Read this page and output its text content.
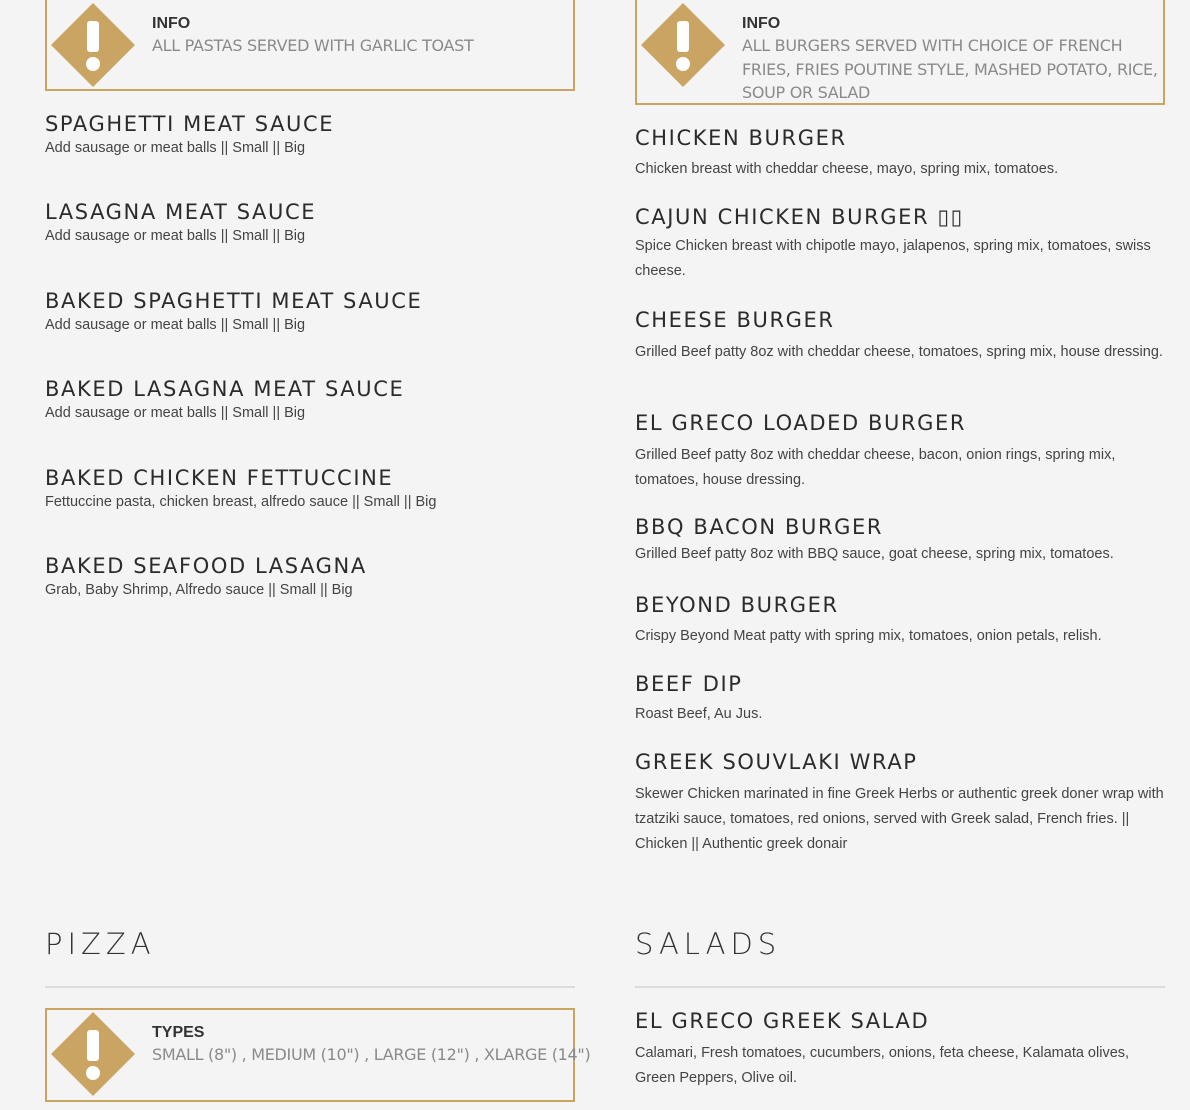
INFO
ALL PASTAS SERVED WITH GARLIC TOAST
SPAGHETTI MEAT SAUCE
Add sausage or meat balls || Small || Big
LASAGNA MEAT SAUCE
Add sausage or meat balls || Small || Big
BAKED SPAGHETTI MEAT SAUCE
Add sausage or meat balls || Small || Big
BAKED LASAGNA MEAT SAUCE
Add sausage or meat balls || Small || Big
BAKED CHICKEN FETTUCCINE
Fettuccine pasta, chicken breast, alfredo sauce || Small || Big
BAKED SEAFOOD LASAGNA
Grab, Baby Shrimp, Alfredo sauce || Small || Big
INFO
ALL BURGERS SERVED WITH CHOICE OF FRENCH FRIES, FRIES POUTINE STYLE, MASHED POTATO, RICE, SOUP OR SALAD
CHICKEN BURGER
Chicken breast with cheddar cheese, mayo, spring mix, tomatoes.
CAJUN CHICKEN BURGER ▯▯
Spice Chicken breast with chipotle mayo, jalapenos, spring mix, tomatoes, swiss cheese.
CHEESE BURGER
Grilled Beef patty 8oz with cheddar cheese, tomatoes, spring mix, house dressing.
EL GRECO LOADED BURGER
Grilled Beef patty 8oz with cheddar cheese, bacon, onion rings, spring mix, tomatoes, house dressing.
BBQ BACON BURGER
Grilled Beef patty 8oz with BBQ sauce, goat cheese, spring mix, tomatoes.
BEYOND BURGER
Crispy Beyond Meat patty with spring mix, tomatoes, onion petals, relish.
BEEF DIP
Roast Beef, Au Jus.
GREEK SOUVLAKI WRAP
Skewer Chicken marinated in fine Greek Herbs or authentic greek doner wrap with tzatziki sauce, tomatoes, red onions, served with Greek salad, French fries. || Chicken || Authentic greek donair
PIZZA
TYPES
SMALL (8") , MEDIUM (10") , LARGE (12") , XLARGE (14")
SALADS
EL GRECO GREEK SALAD
Calamari, Fresh tomatoes, cucumbers, onions, feta cheese, Kalamata olives, Green Peppers, Olive oil.
